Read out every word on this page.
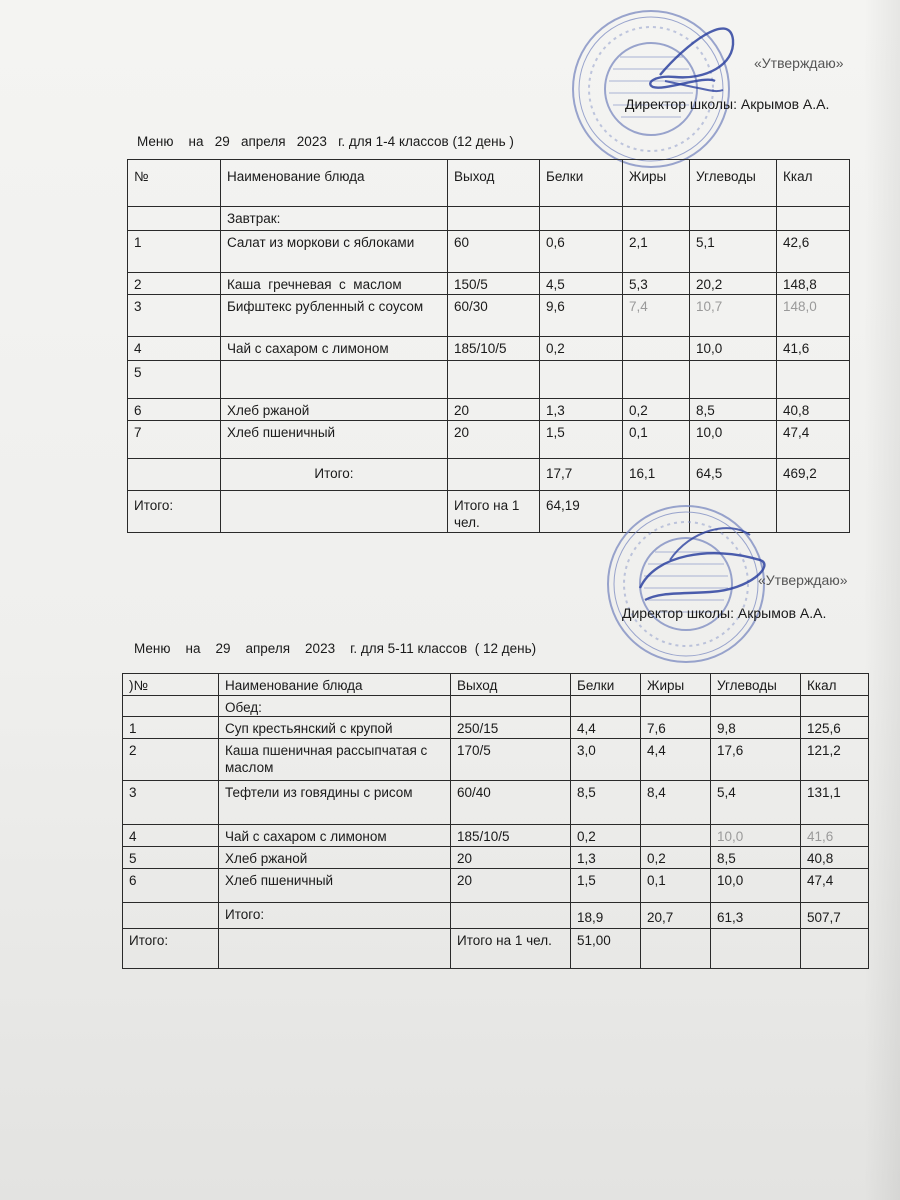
«Утверждаю»
Директор школы: Акрымов А.А.
Меню    на   29   апреля   2023   г. для 1-4 классов (12 день )
№	Наименование блюда	Выход	Белки	Жиры	Углеводы	Ккал
	Завтрак:					
1	Салат из моркови с яблоками	60	0,6	2,1	5,1	42,6
2	Каша  гречневая  с  маслом	150/5	4,5	5,3	20,2	148,8
3	Бифштекс рубленный с соусом	60/30	9,6	7,4	10,7	148,0
4	Чай с сахаром с лимоном	185/10/5	0,2		10,0	41,6
5						
6	Хлеб ржаной	20	1,3	0,2	8,5	40,8
7	Хлеб пшеничный	20	1,5	0,1	10,0	47,4
	Итого:		17,7	16,1	64,5	469,2
Итого:		Итого на 1 чел.	64,19			
«Утверждаю»
Директор школы: Акрымов А.А.
Меню    на    29    апреля    2023    г. для 5-11 классов  ( 12 день)
)№	Наименование блюда	Выход	Белки	Жиры	Углеводы	Ккал
	Обед:					
1	Суп крестьянский с крупой	250/15	4,4	7,6	9,8	125,6
2	Каша пшеничная рассыпчатая с маслом	170/5	3,0	4,4	17,6	121,2
3	Тефтели из говядины с рисом	60/40	8,5	8,4	5,4	131,1
4	Чай с сахаром с лимоном	185/10/5	0,2		10,0	41,6
5	Хлеб ржаной	20	1,3	0,2	8,5	40,8
6	Хлеб пшеничный	20	1,5	0,1	10,0	47,4
	Итого:		18,9	20,7	61,3	507,7
Итого:		Итого на 1 чел.	51,00			
